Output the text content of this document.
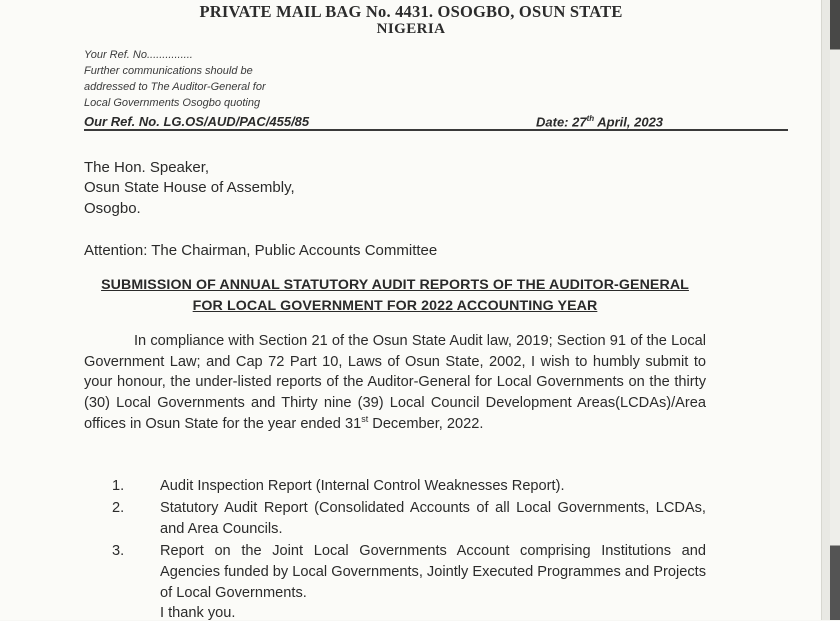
PRIVATE MAIL BAG No. 4431. OSOGBO, OSUN STATE
NIGERIA
Your Ref. No...............
Further communications should be
addressed to The Auditor-General for
Local Governments Osogbo quoting
Our Ref. No. LG.OS/AUD/PAC/455/85	Date: 27th April, 2023
The Hon. Speaker,
Osun State House of Assembly,
Osogbo.
Attention: The Chairman, Public Accounts Committee
SUBMISSION OF ANNUAL STATUTORY AUDIT REPORTS OF THE AUDITOR-GENERAL
FOR LOCAL GOVERNMENT FOR 2022 ACCOUNTING YEAR

In compliance with Section 21 of the Osun State Audit law, 2019; Section 91 of the Local Government Law; and Cap 72 Part 10, Laws of Osun State, 2002, I wish to humbly submit to your honour, the under-listed reports of the Auditor-General for Local Governments on the thirty (30) Local Governments and Thirty nine (39) Local Council Development Areas(LCDAs)/Area offices in Osun State for the year ended 31st December, 2022.

1. Audit Inspection Report (Internal Control Weaknesses Report).
2. Statutory Audit Report (Consolidated Accounts of all Local Governments, LCDAs, and Area Councils.
3. Report on the Joint Local Governments Account comprising Institutions and Agencies funded by Local Governments, Jointly Executed Programmes and Projects of Local Governments.
I thank you.
